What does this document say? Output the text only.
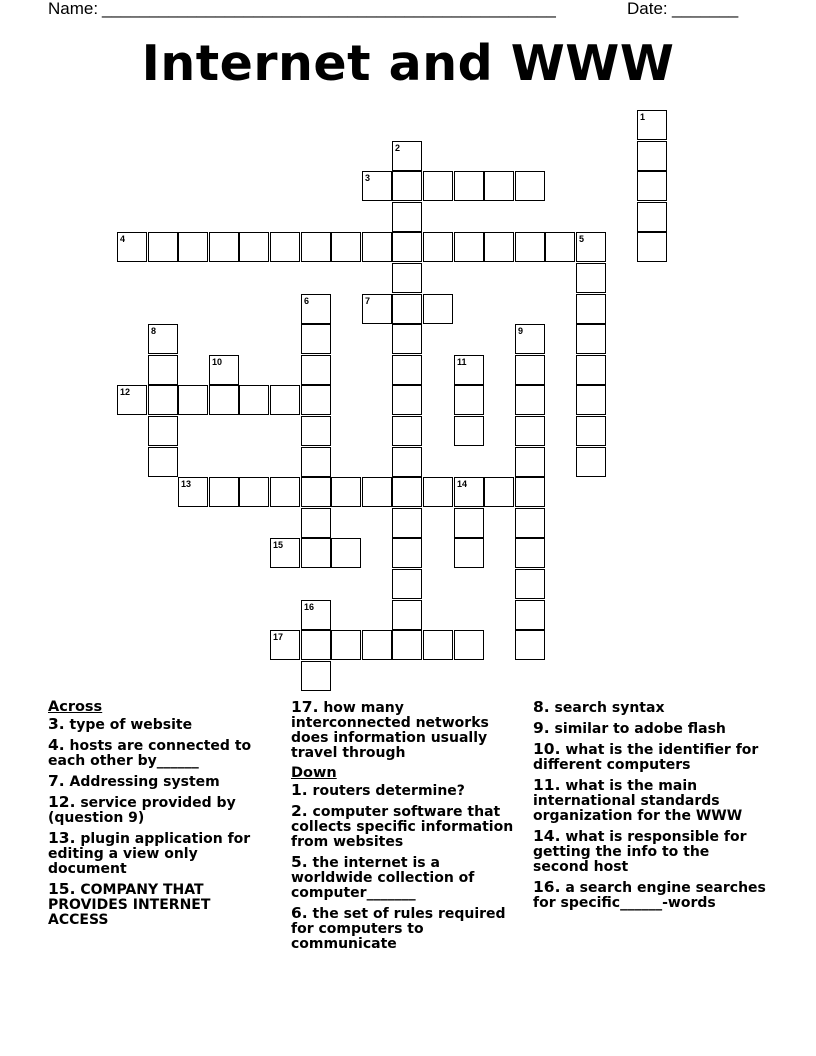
Name:

________________________________________________

	Date:

_______

Internet and WWW
1
2
3
4	5
6	7
8	9
10	11
12
13	14
15
16
17
Across
3. type of website
4. hosts are connected to each other by______
7. Addressing system
12. service provided by (question 9)
13. plugin application for editing a view only document
15. COMPANY THAT PROVIDES INTERNET ACCESS
17. how many interconnected networks does information usually travel through
Down
1. routers determine?
2. computer software that collects specific information from websites
5. the internet is a worldwide collection of computer_______
6. the set of rules required for computers to communicate
8. search syntax
9. similar to adobe flash
10. what is the identifier for different computers
11. what is the main international standards organization for the WWW
14. what is responsible for getting the info to the second host
16. a search engine searches for specific______-words
